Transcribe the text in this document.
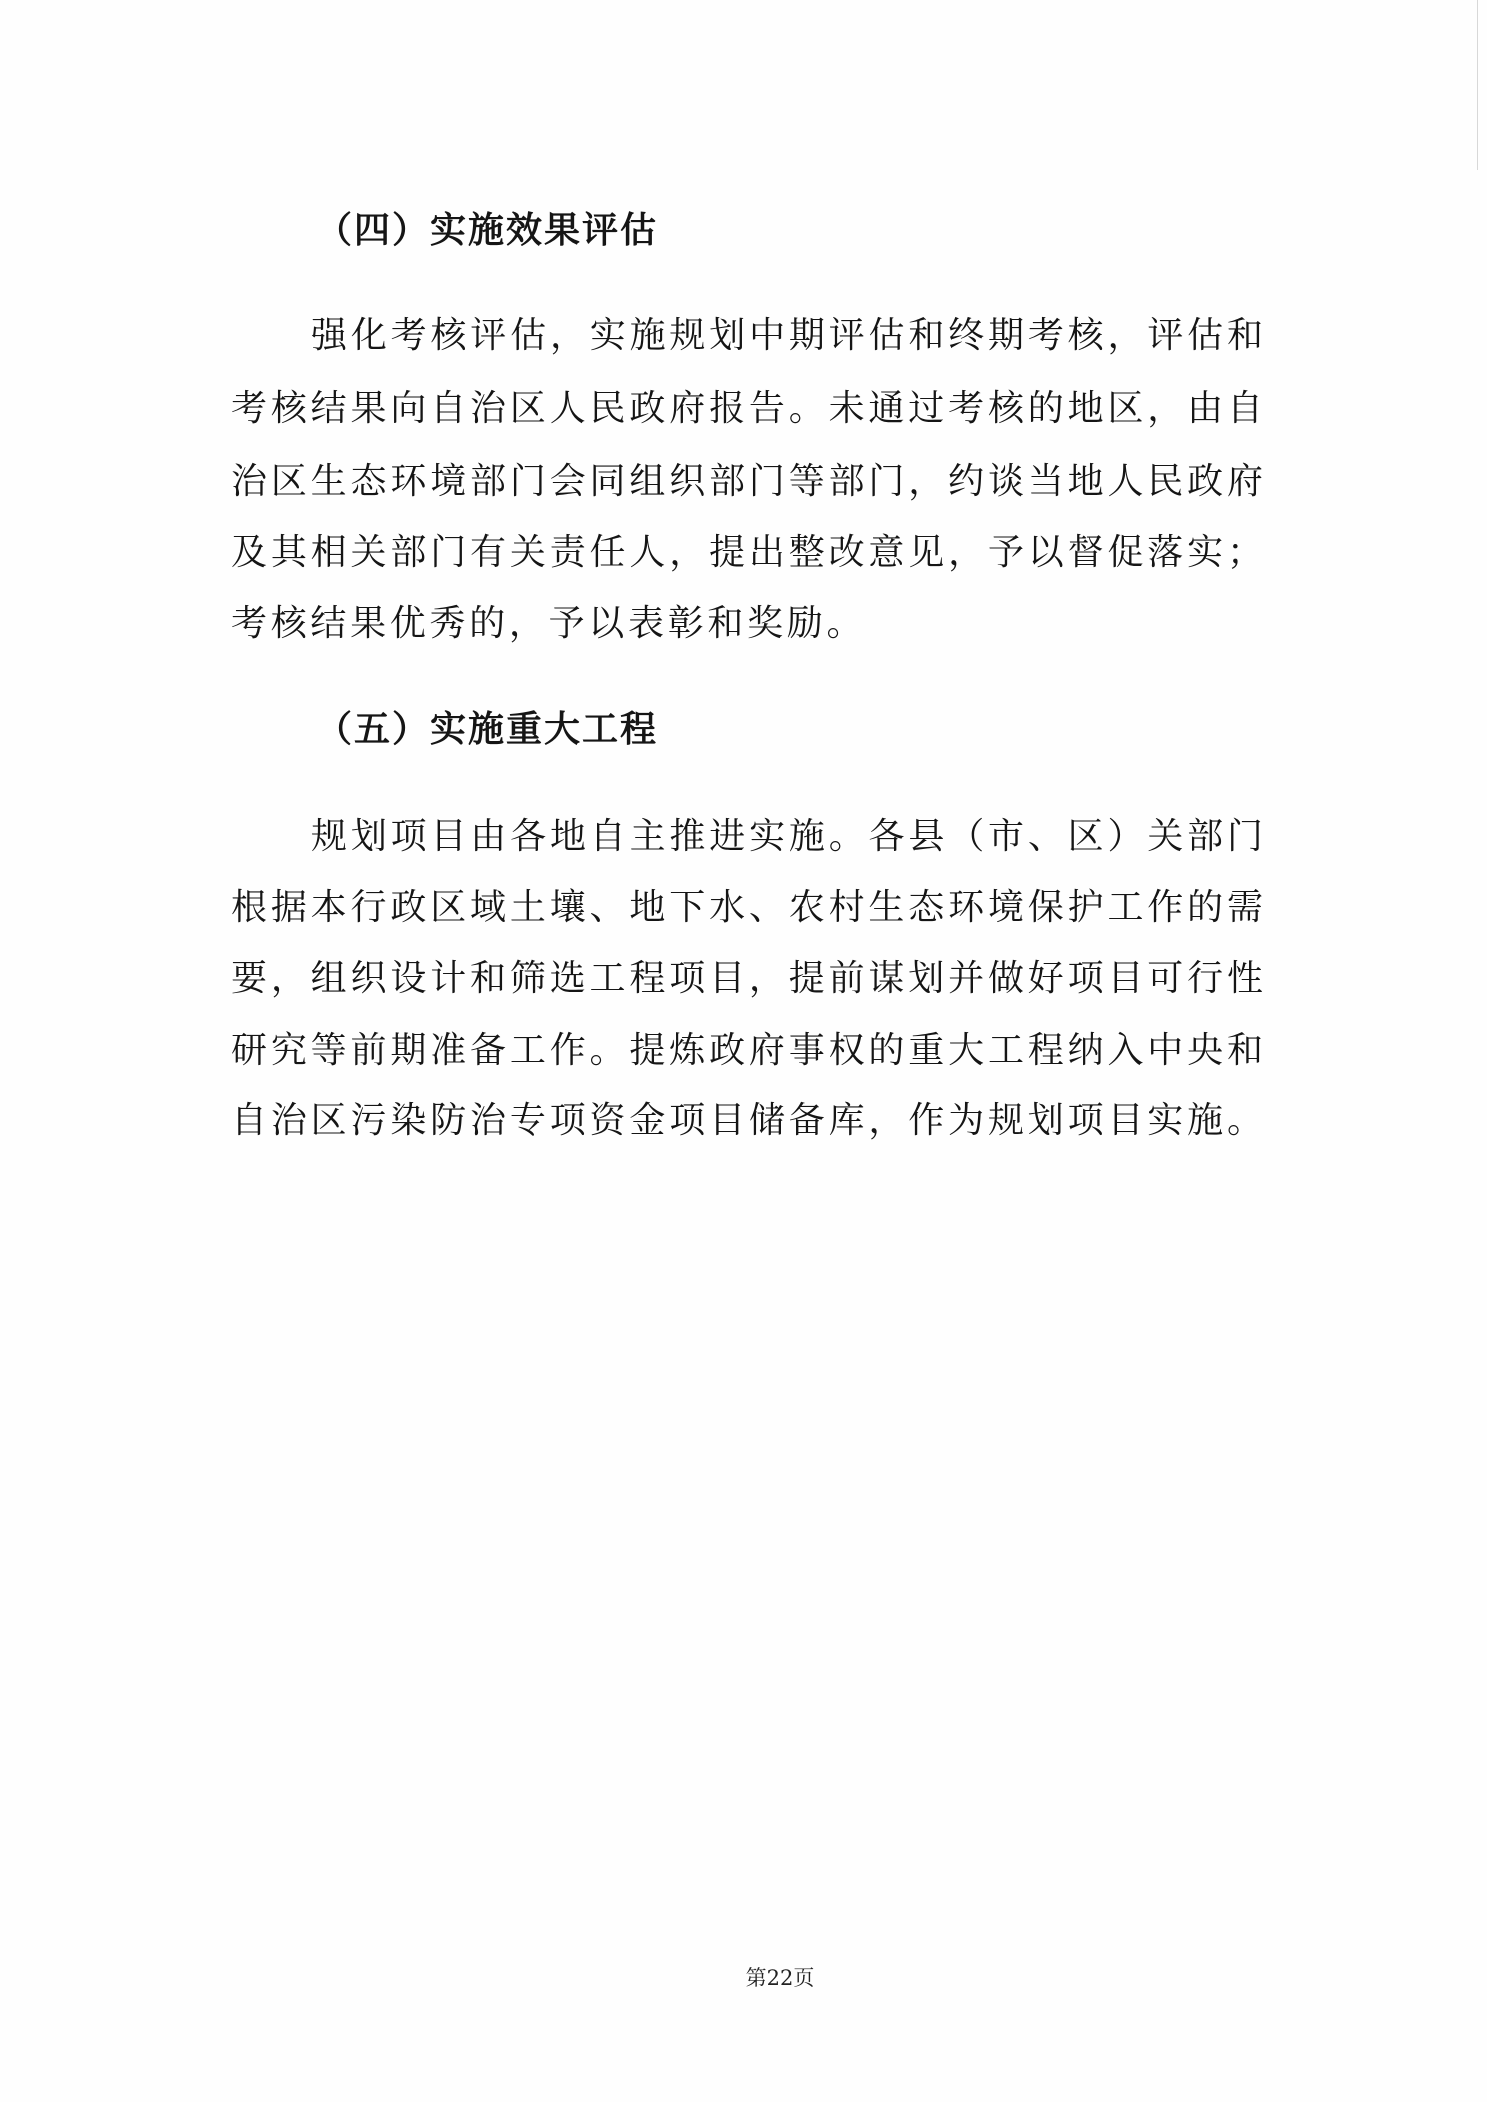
（四）实施效果评估
强化考核评估，实施规划中期评估和终期考核，评估和
考核结果向自治区人民政府报告。未通过考核的地区，由自
治区生态环境部门会同组织部门等部门，约谈当地人民政府
及其相关部门有关责任人，提出整改意见，予以督促落实；
考核结果优秀的，予以表彰和奖励。
（五）实施重大工程
规划项目由各地自主推进实施。各县（市、区）关部门
根据本行政区域土壤、地下水、农村生态环境保护工作的需
要，组织设计和筛选工程项目，提前谋划并做好项目可行性
研究等前期准备工作。提炼政府事权的重大工程纳入中央和
自治区污染防治专项资金项目储备库，作为规划项目实施。
第22页
